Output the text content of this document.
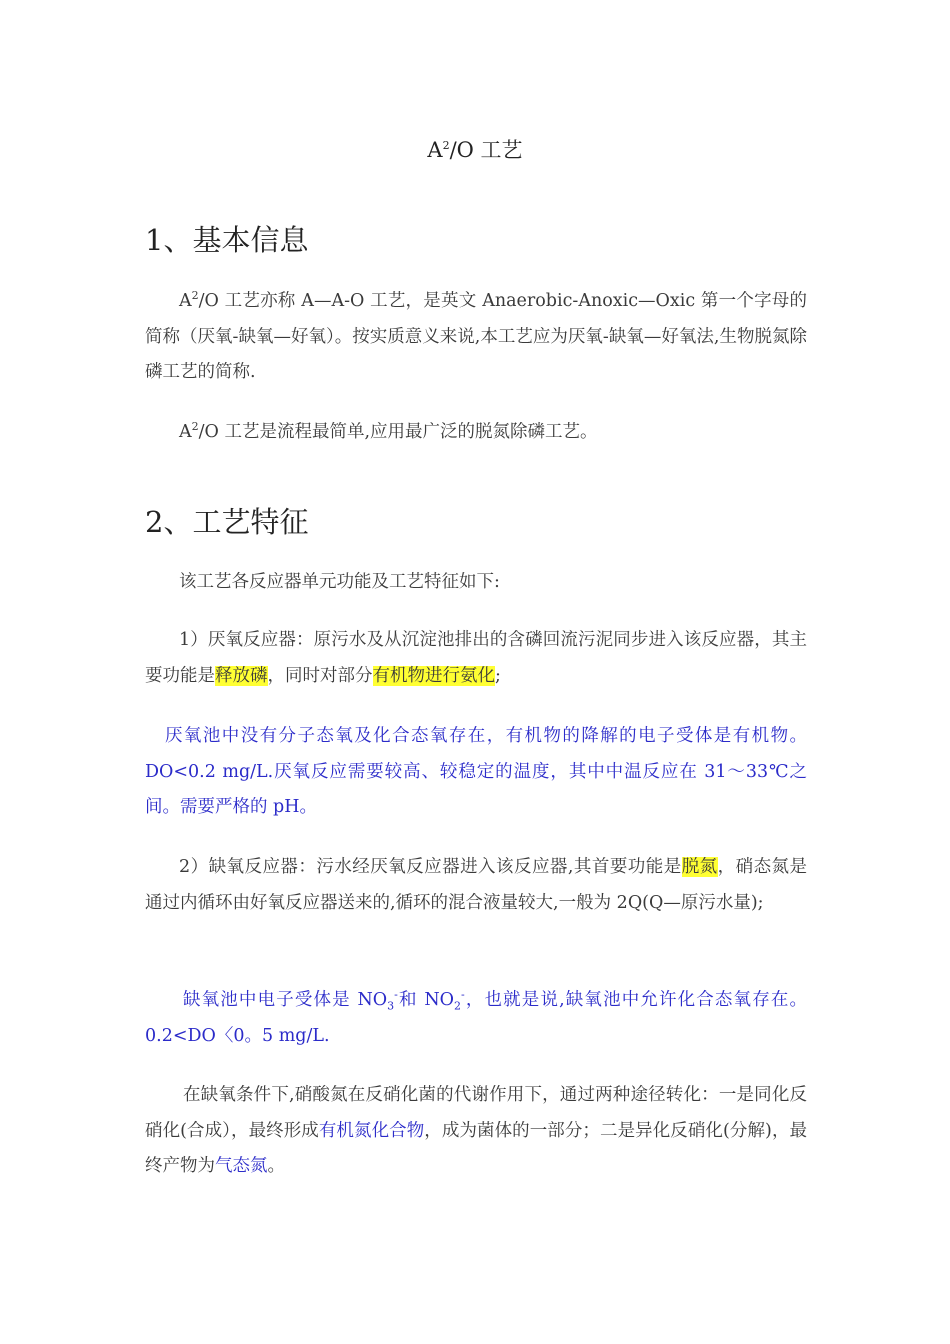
$A^2/O$ 工艺
1、基本信息
$A^2/O$ 工艺亦称 A—A-O 工艺，是英文 Anaerobic-Anoxic—Oxic 第一个字母的简称（厌氧-缺氧—好氧）。按实质意义来说,本工艺应为厌氧-缺氧—好氧法,生物脱氮除磷工艺的简称.
$A^2/O$ 工艺是流程最简单,应用最广泛的脱氮除磷工艺。
2、工艺特征
该工艺各反应器单元功能及工艺特征如下:
1）厌氧反应器：原污水及从沉淀池排出的含磷回流污泥同步进入该反应器，其主要功能是释放磷，同时对部分有机物进行氨化;
厌氧池中没有分子态氧及化合态氧存在，有机物的降解的电子受体是有机物。DO<0.2 mg/L.厌氧反应需要较高、较稳定的温度，其中中温反应在 31～33℃之间。需要严格的 pH。
2）缺氧反应器：污水经厌氧反应器进入该反应器,其首要功能是脱氮，硝态氮是通过内循环由好氧反应器送来的,循环的混合液量较大,一般为 2Q(Q—原污水量);
缺氧池中电子受体是 $NO_3^-$和 $NO_2^-$，也就是说,缺氧池中允许化合态氧存在。0.2<DO〈0。5 mg/L.
在缺氧条件下,硝酸氮在反硝化菌的代谢作用下，通过两种途径转化：一是同化反硝化(合成），最终形成有机氮化合物，成为菌体的一部分；二是异化反硝化(分解)，最终产物为气态氮。
